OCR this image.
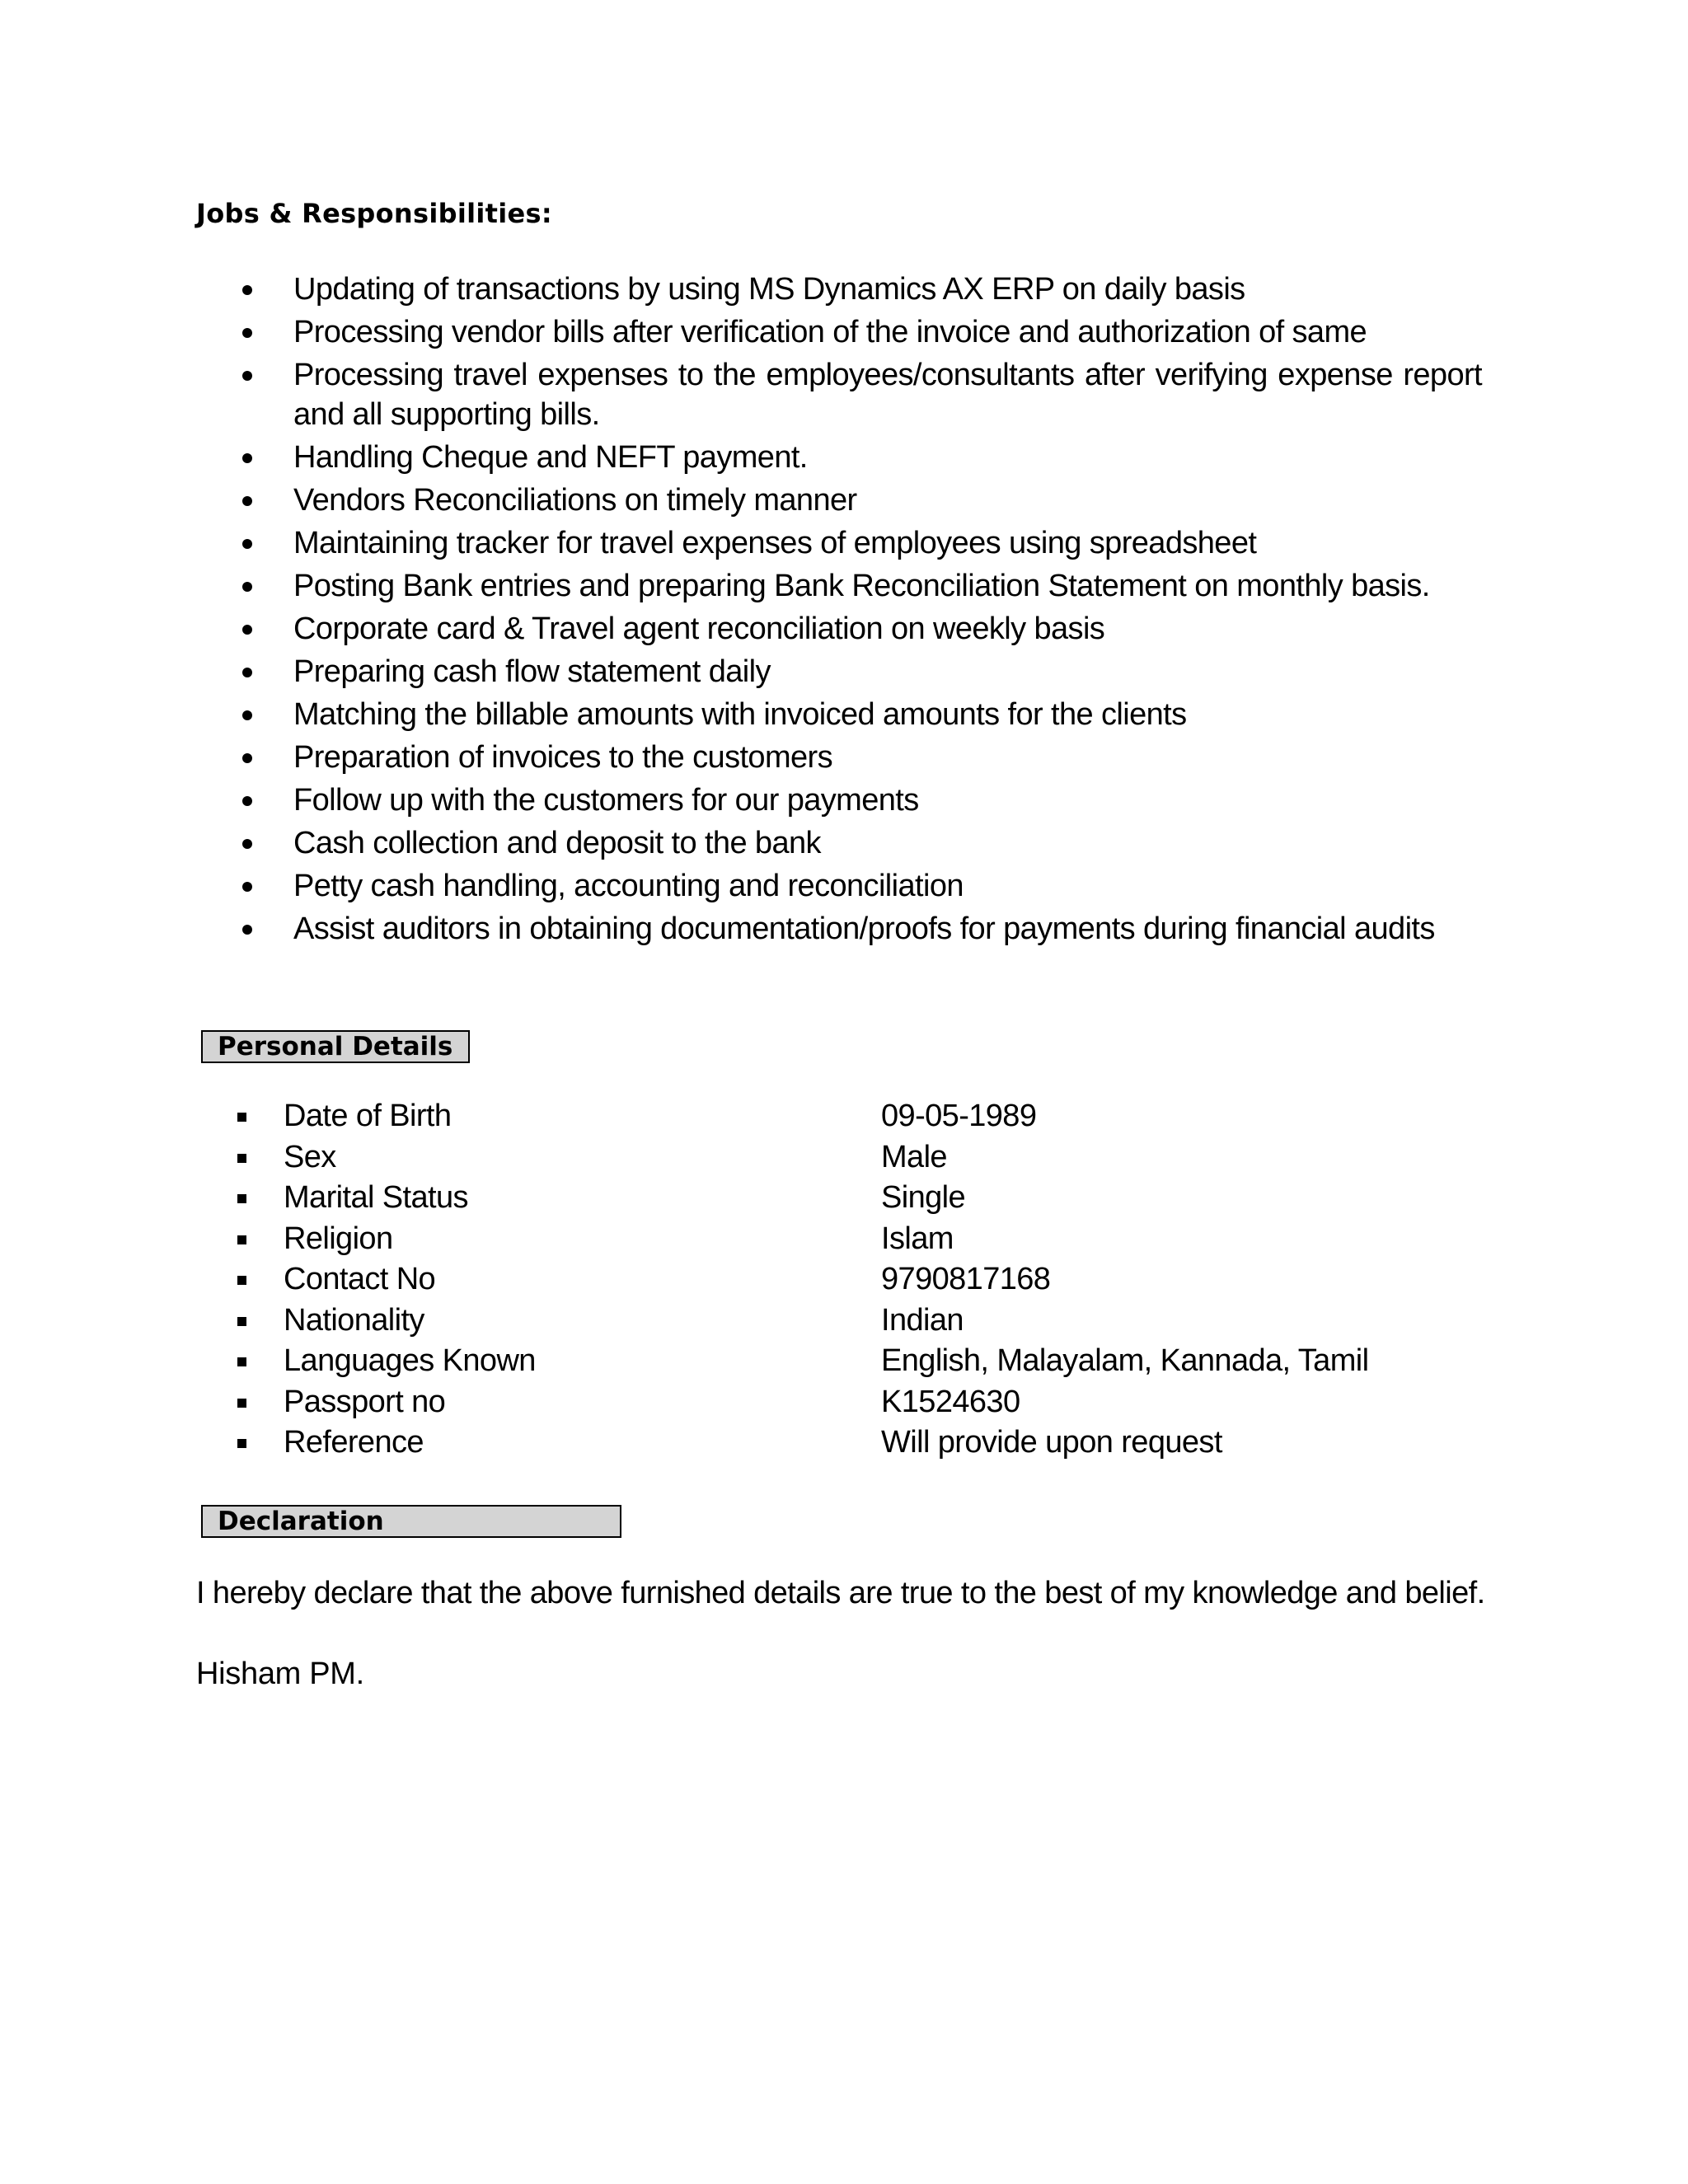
Jobs & Responsibilities:
Updating of transactions by using MS Dynamics AX ERP on daily basis
Processing vendor bills after verification of the invoice and authorization of same
Processing travel expenses to the employees/consultants after verifying expense report and all supporting bills.
Handling Cheque and NEFT payment.
Vendors Reconciliations on timely manner
Maintaining tracker for travel expenses of employees using spreadsheet
Posting Bank entries and preparing Bank Reconciliation Statement on monthly basis.
Corporate card & Travel agent reconciliation on weekly basis
Preparing cash flow statement daily
Matching the billable amounts with invoiced amounts for the clients
Preparation of invoices to the customers
Follow up with the customers for our payments
Cash collection and deposit to the bank
Petty cash handling, accounting and reconciliation
Assist auditors in obtaining documentation/proofs for payments during financial audits
Personal Details
Date of Birth	09-05-1989
Sex	Male
Marital Status	Single
Religion	Islam
Contact No	9790817168
Nationality	Indian
Languages Known	English, Malayalam, Kannada, Tamil
Passport no	K1524630
Reference	Will provide upon request
Declaration
I hereby declare that the above furnished details are true to the best of my knowledge and belief.
Hisham PM.
